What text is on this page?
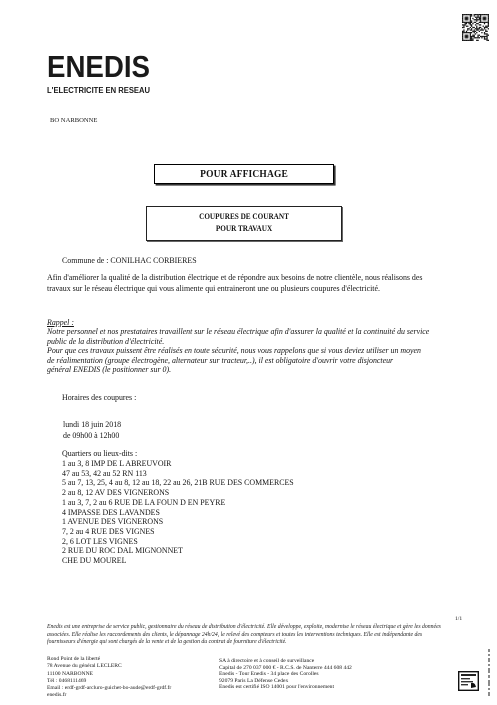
ENEDIS
L'ELECTRICITE EN RESEAU
BO NARBONNE
POUR AFFICHAGE
COUPURES DE COURANT
POUR TRAVAUX
Commune de : CONILHAC CORBIERES
Afin d'améliorer la qualité de la distribution électrique et de répondre aux besoins de notre clientèle, nous réalisons des
travaux sur le réseau électrique qui vous alimente qui entraineront une ou plusieurs coupures d'électricité.
Rappel :
Notre personnel et nos prestataires travaillent sur le réseau électrique afin d'assurer la qualité et la continuité du service
public de la distribution d'électricité.
Pour que ces travaux puissent être réalisés en toute sécurité, nous vous rappelons que si vous deviez utiliser un moyen
de réalimentation (groupe électrogène, alternateur sur tracteur,..), il est obligatoire d'ouvrir votre disjoncteur
général ENEDIS (le positionner sur 0).
Horaires des coupures :
lundi 18 juin 2018
de 09h00 à 12h00
Quartiers ou lieux-dits :
1 au 3, 8 IMP DE L ABREUVOIR
47 au 53, 42 au 52 RN 113
5 au 7, 13, 25, 4 au 8, 12 au 18, 22 au 26, 21B RUE DES COMMERCES
2 au 8, 12 AV DES VIGNERONS
1 au 3, 7, 2 au 6 RUE DE LA FOUN D EN PEYRE
4 IMPASSE DES LAVANDES
1 AVENUE DES VIGNERONS
7, 2 au 4 RUE DES VIGNES
2, 6 LOT LES VIGNES
2 RUE DU ROC DAL MIGNONNET
CHE DU MOUREL
1/1
Enedis est une entreprise de service public, gestionnaire du réseau de distribution d'électricité. Elle développe, exploite, modernise le réseau électrique et gère les données
associées. Elle réalise les raccordements des clients, le dépannage 24h/24, le relevé des compteurs et toutes les interventions techniques. Elle est indépendante des
fournisseurs d'énergie qui sont chargés de la vente et de la gestion du contrat de fourniture d'électricité.
Rond Point de la liberté
78 Avenue du général LECLERC
11100 NARBONNE
Tél : 0468111469
Email : erdf-grdf-arcluro-guichet-bo-aude@erdf-grdf.fr
enedis.fr
SA à directoire et à conseil de surveillance
Capital de 270 037 000 € - R.C.S. de Nanterre 444 608 442
Enedis - Tour Enedis - 34 place des Corolles
92079 Paris La Défense Cedex
Enedis est certifié ISO 14001 pour l'environnement
